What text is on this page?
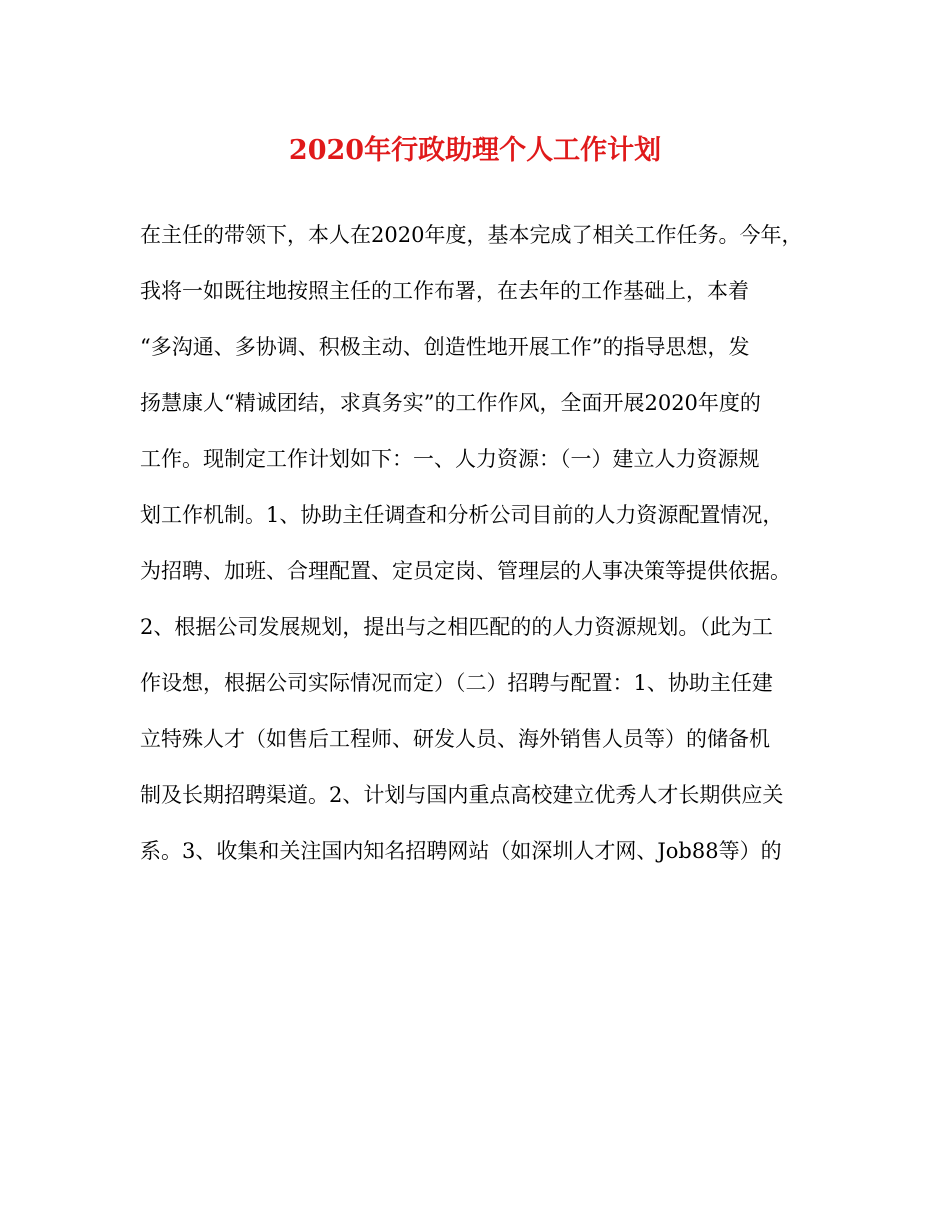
2020年行政助理个人工作计划
在主任的带领下，本人在2020年度，基本完成了相关工作任务。今年，
我将一如既往地按照主任的工作布署，在去年的工作基础上，本着
“多沟通、多协调、积极主动、创造性地开展工作”的指导思想，发
扬慧康人“精诚团结，求真务实”的工作作风，全面开展2020年度的
工作。现制定工作计划如下：一、人力资源：（一）建立人力资源规
划工作机制。1、协助主任调查和分析公司目前的人力资源配置情况，
为招聘、加班、合理配置、定员定岗、管理层的人事决策等提供依据。
2、根据公司发展规划，提出与之相匹配的的人力资源规划。（此为工
作设想，根据公司实际情况而定）（二）招聘与配置：1、协助主任建
立特殊人才（如售后工程师、研发人员、海外销售人员等）的储备机
制及长期招聘渠道。2、计划与国内重点高校建立优秀人才长期供应关
系。3、收集和关注国内知名招聘网站（如深圳人才网、Job88等）的
